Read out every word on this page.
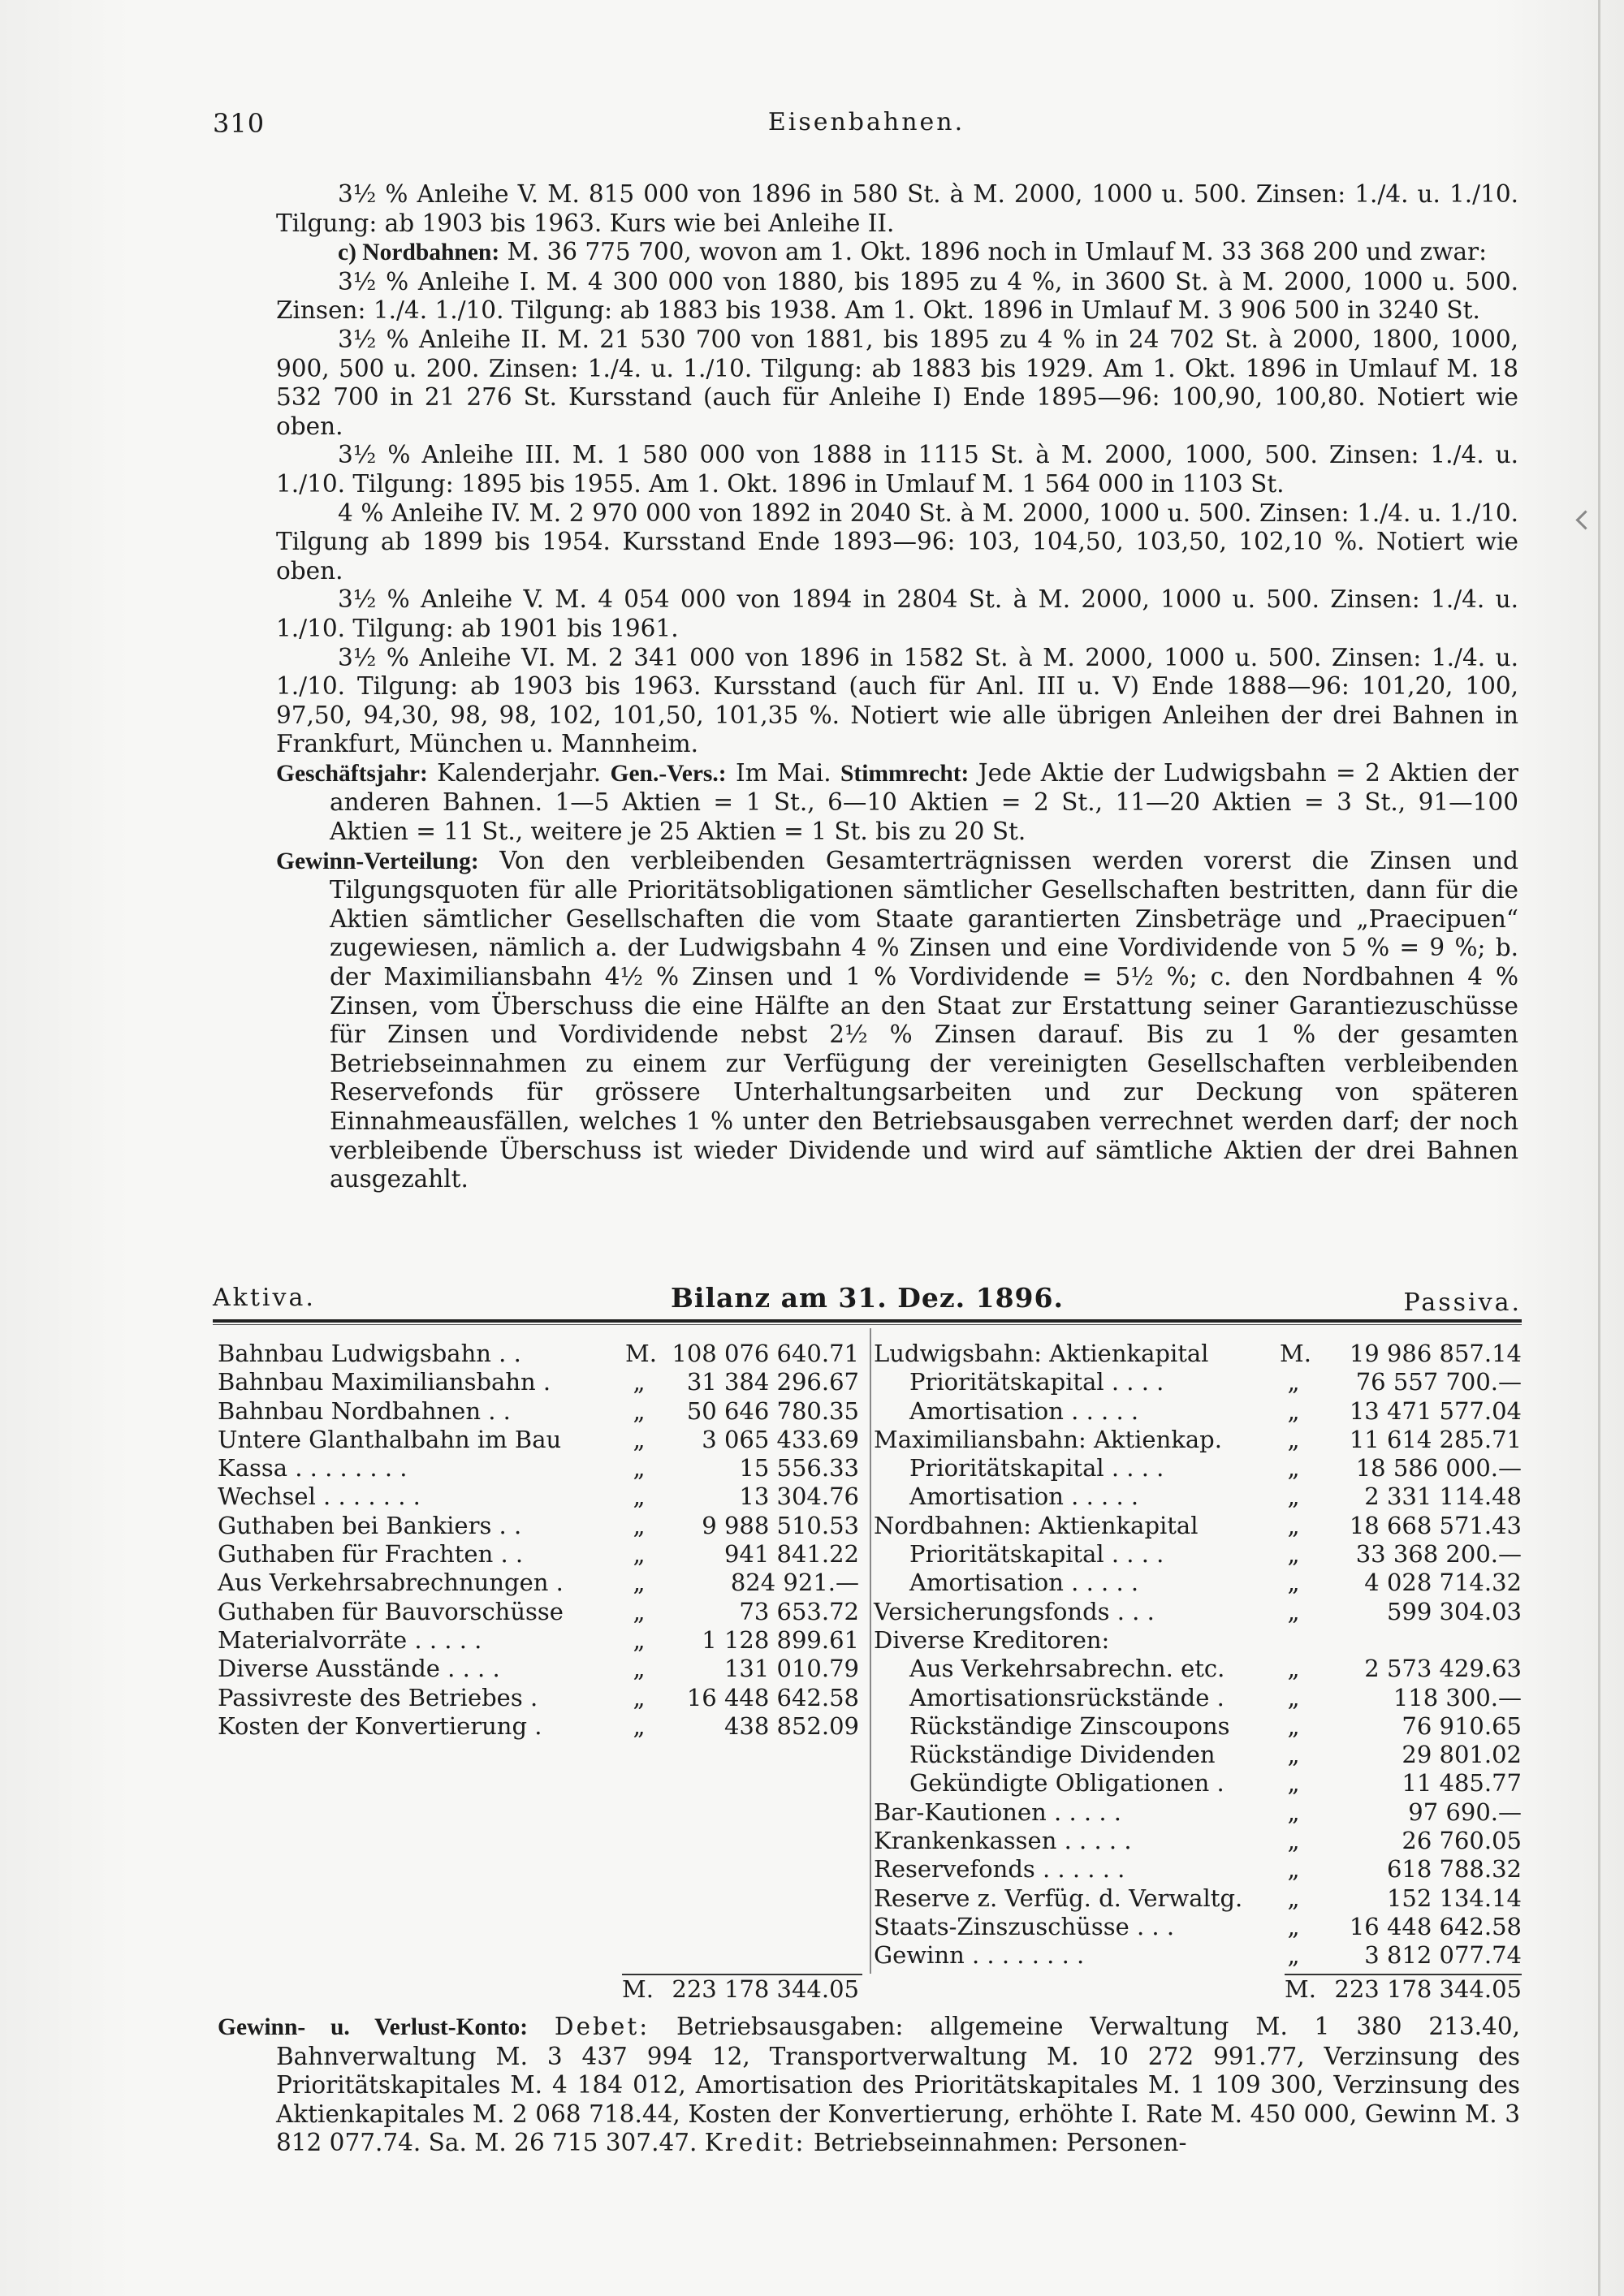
310	Eisenbahnen.

3½ % Anleihe V. M. 815 000 von 1896 in 580 St. à M. 2000, 1000 u. 500. Zinsen: 1./4. u. 1./10. Tilgung: ab 1903 bis 1963. Kurs wie bei Anleihe II.

c) Nordbahnen: M. 36 775 700, wovon am 1. Okt. 1896 noch in Umlauf M. 33 368 200 und zwar:

3½ % Anleihe I. M. 4 300 000 von 1880, bis 1895 zu 4 %, in 3600 St. à M. 2000, 1000 u. 500. Zinsen: 1./4. 1./10. Tilgung: ab 1883 bis 1938. Am 1. Okt. 1896 in Umlauf M. 3 906 500 in 3240 St.

3½ % Anleihe II. M. 21 530 700 von 1881, bis 1895 zu 4 % in 24 702 St. à 2000, 1800, 1000, 900, 500 u. 200. Zinsen: 1./4. u. 1./10. Tilgung: ab 1883 bis 1929. Am 1. Okt. 1896 in Umlauf M. 18 532 700 in 21 276 St. Kursstand (auch für Anleihe I) Ende 1895—96: 100,90, 100,80. Notiert wie oben.

3½ % Anleihe III. M. 1 580 000 von 1888 in 1115 St. à M. 2000, 1000, 500. Zinsen: 1./4. u. 1./10. Tilgung: 1895 bis 1955. Am 1. Okt. 1896 in Umlauf M. 1 564 000 in 1103 St.

4 % Anleihe IV. M. 2 970 000 von 1892 in 2040 St. à M. 2000, 1000 u. 500. Zinsen: 1./4. u. 1./10. Tilgung ab 1899 bis 1954. Kursstand Ende 1893—96: 103, 104,50, 103,50, 102,10 %. Notiert wie oben.

3½ % Anleihe V. M. 4 054 000 von 1894 in 2804 St. à M. 2000, 1000 u. 500. Zinsen: 1./4. u. 1./10. Tilgung: ab 1901 bis 1961.

3½ % Anleihe VI. M. 2 341 000 von 1896 in 1582 St. à M. 2000, 1000 u. 500. Zinsen: 1./4. u. 1./10. Tilgung: ab 1903 bis 1963. Kursstand (auch für Anl. III u. V) Ende 1888—96: 101,20, 100, 97,50, 94,30, 98, 98, 102, 101,50, 101,35 %. Notiert wie alle übrigen Anleihen der drei Bahnen in Frankfurt, München u. Mannheim.

Geschäftsjahr: Kalenderjahr. Gen.-Vers.: Im Mai. Stimmrecht: Jede Aktie der Ludwigsbahn = 2 Aktien der anderen Bahnen. 1—5 Aktien = 1 St., 6—10 Aktien = 2 St., 11—20 Aktien = 3 St., 91—100 Aktien = 11 St., weitere je 25 Aktien = 1 St. bis zu 20 St.

Gewinn-Verteilung: Von den verbleibenden Gesamterträgnissen werden vorerst die Zinsen und Tilgungsquoten für alle Prioritätsobligationen sämtlicher Gesellschaften bestritten, dann für die Aktien sämtlicher Gesellschaften die vom Staate garantierten Zinsbeträge und „Praecipuen“ zugewiesen, nämlich a. der Ludwigsbahn 4 % Zinsen und eine Vordividende von 5 % = 9 %; b. der Maximiliansbahn 4½ % Zinsen und 1 % Vordividende = 5½ %; c. den Nordbahnen 4 % Zinsen, vom Überschuss die eine Hälfte an den Staat zur Erstattung seiner Garantiezuschüsse für Zinsen und Vordividende nebst 2½ % Zinsen darauf. Bis zu 1 % der gesamten Betriebseinnahmen zu einem zur Verfügung der vereinigten Gesellschaften verbleibenden Reservefonds für grössere Unterhaltungsarbeiten und zur Deckung von späteren Einnahmeausfällen, welches 1 % unter den Betriebsausgaben verrechnet werden darf; der noch verbleibende Überschuss ist wieder Dividende und wird auf sämtliche Aktien der drei Bahnen ausgezahlt.

Aktiva.	Bilanz am 31. Dez. 1896.	Passiva.
Bahnbau Ludwigsbahn . .	M. 108 076 640.71
Bahnbau Maximiliansbahn .	„	31 384 296.67
Bahnbau Nordbahnen . .	„	50 646 780.35
Untere Glanthalbahn im Bau	„	3 065 433.69
Kassa . . . . . . . .	„	15 556.33
Wechsel . . . . . . .	„	13 304.76
Guthaben bei Bankiers . .	„	9 988 510.53
Guthaben für Frachten . .	„	941 841.22
Aus Verkehrsabrechnungen .	„	824 921.—
Guthaben für Bauvorschüsse	„	73 653.72
Materialvorräte . . . . .	„	1 128 899.61
Diverse Ausstände . . . .	„	131 010.79
Passivreste des Betriebes .	„	16 448 642.58
Kosten der Konvertierung .	„	438 852.09
Ludwigsbahn: Aktienkapital	M. 19 986 857.14
Prioritätskapital . . . .	„	76 557 700.—
Amortisation . . . . .	„	13 471 577.04
Maximiliansbahn: Aktienkap.	„	11 614 285.71
Prioritätskapital . . . .	„	18 586 000.—
Amortisation . . . . .	„	2 331 114.48
Nordbahnen: Aktienkapital	„	18 668 571.43
Prioritätskapital . . . .	„	33 368 200.—
Amortisation . . . . .	„	4 028 714.32
Versicherungsfonds . . .	„	599 304.03
Diverse Kreditoren:
Aus Verkehrsabrechn. etc.	„	2 573 429.63
Amortisationsrückstände .	„	118 300.—
Rückständige Zinscoupons	„	76 910.65
Rückständige Dividenden	„	29 801.02
Gekündigte Obligationen .	„	11 485.77
Bar-Kautionen . . . . .	„	97 690.—
Krankenkassen . . . . .	„	26 760.05
Reservefonds . . . . . .	„	618 788.32
Reserve z. Verfüg. d. Verwaltg.	„	152 134.14
Staats-Zinszuschüsse . . .	„	16 448 642.58
Gewinn . . . . . . . .	„	3 812 077.74
M. 223 178 344.05	M. 223 178 344.05

Gewinn- u. Verlust-Konto: Debet: Betriebsausgaben: allgemeine Verwaltung M. 1 380 213.40, Bahnverwaltung M. 3 437 994 12, Transportverwaltung M. 10 272 991.77, Verzinsung des Prioritätskapitales M. 4 184 012, Amortisation des Prioritätskapitales M. 1 109 300, Verzinsung des Aktienkapitales M. 2 068 718.44, Kosten der Konvertierung, erhöhte I. Rate M. 450 000, Gewinn M. 3 812 077.74. Sa. M. 26 715 307.47. Kredit: Betriebseinnahmen: Personen-
